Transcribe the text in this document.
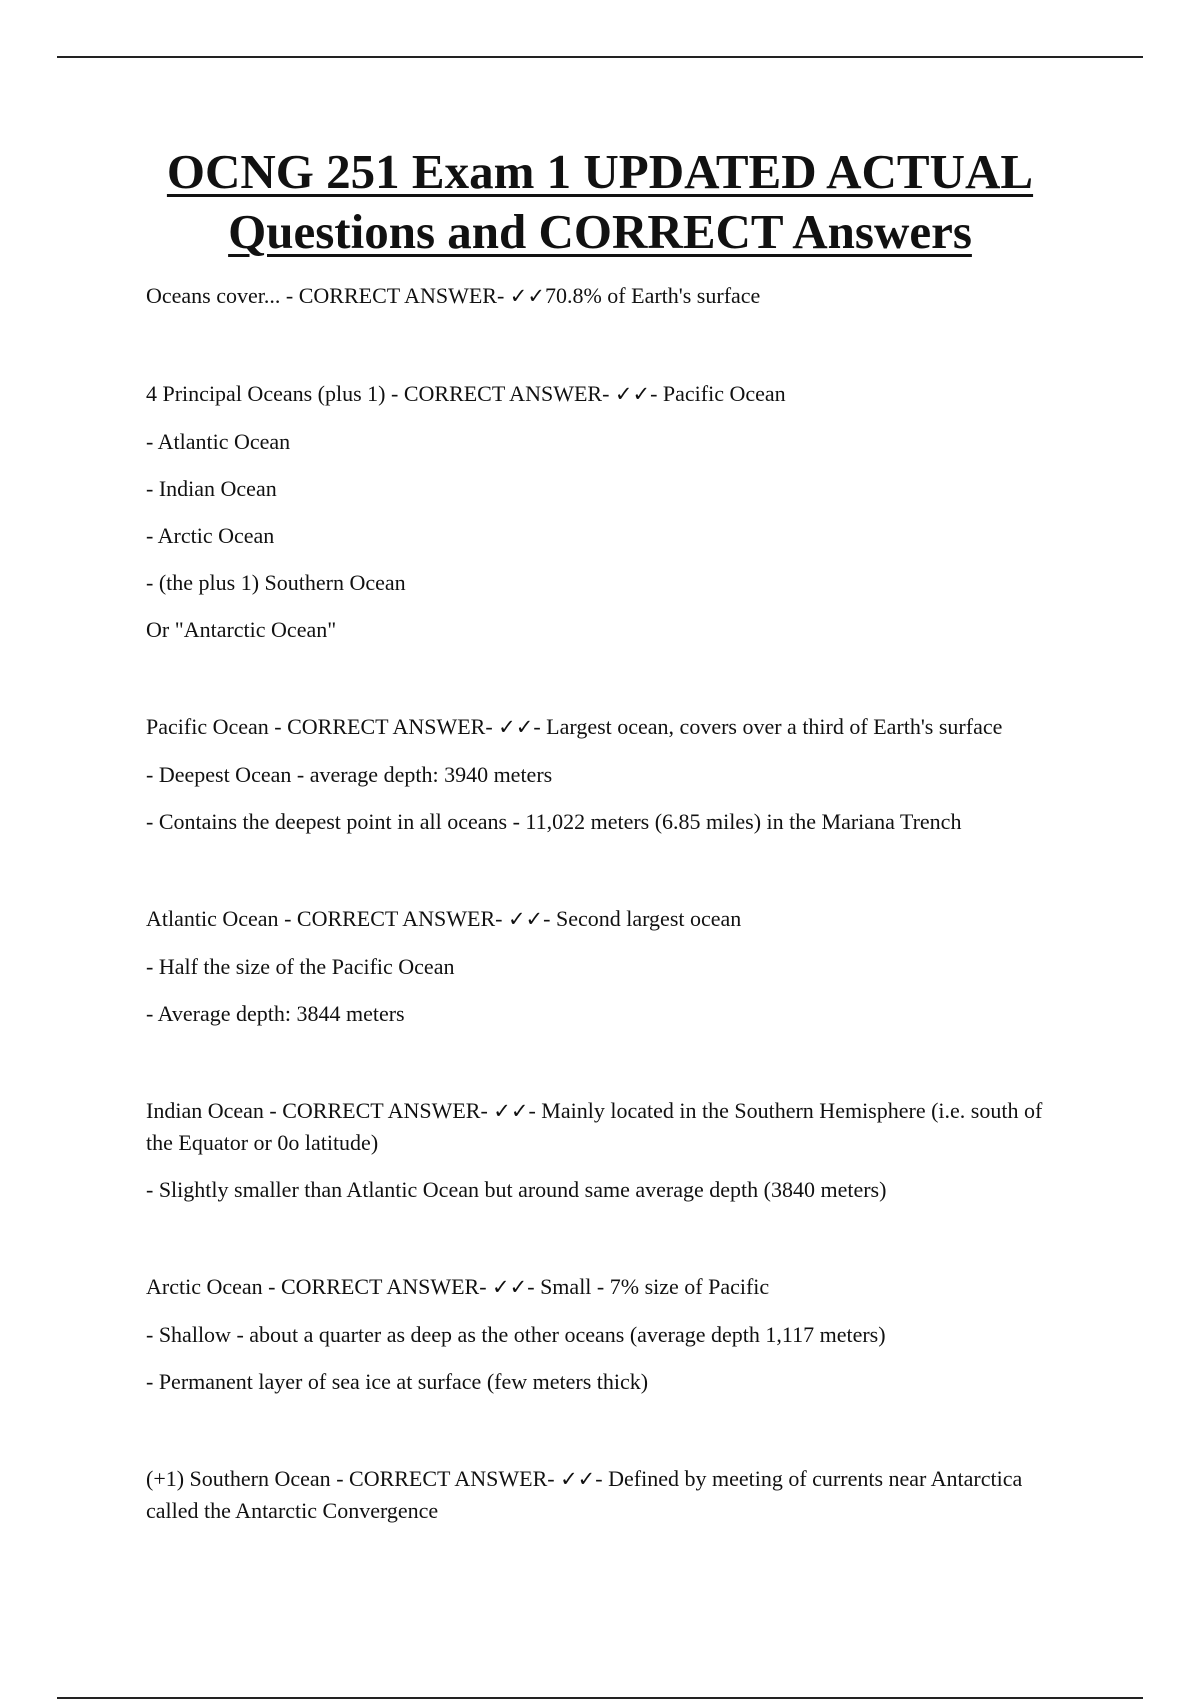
OCNG 251 Exam 1 UPDATED ACTUAL
Questions and CORRECT Answers

Oceans cover... - CORRECT ANSWER- ✓✓70.8% of Earth's surface

4 Principal Oceans (plus 1) - CORRECT ANSWER- ✓✓- Pacific Ocean

- Atlantic Ocean

- Indian Ocean

- Arctic Ocean

- (the plus 1) Southern Ocean

Or "Antarctic Ocean"

Pacific Ocean - CORRECT ANSWER- ✓✓- Largest ocean, covers over a third of Earth's surface

- Deepest Ocean - average depth: 3940 meters

- Contains the deepest point in all oceans - 11,022 meters (6.85 miles) in the Mariana Trench

Atlantic Ocean - CORRECT ANSWER- ✓✓- Second largest ocean

- Half the size of the Pacific Ocean

- Average depth: 3844 meters

Indian Ocean - CORRECT ANSWER- ✓✓- Mainly located in the Southern Hemisphere (i.e. south of the Equator or 0o latitude)

- Slightly smaller than Atlantic Ocean but around same average depth (3840 meters)

Arctic Ocean - CORRECT ANSWER- ✓✓- Small - 7% size of Pacific

- Shallow - about a quarter as deep as the other oceans (average depth 1,117 meters)

- Permanent layer of sea ice at surface (few meters thick)

(+1) Southern Ocean - CORRECT ANSWER- ✓✓- Defined by meeting of currents near Antarctica called the Antarctic Convergence
